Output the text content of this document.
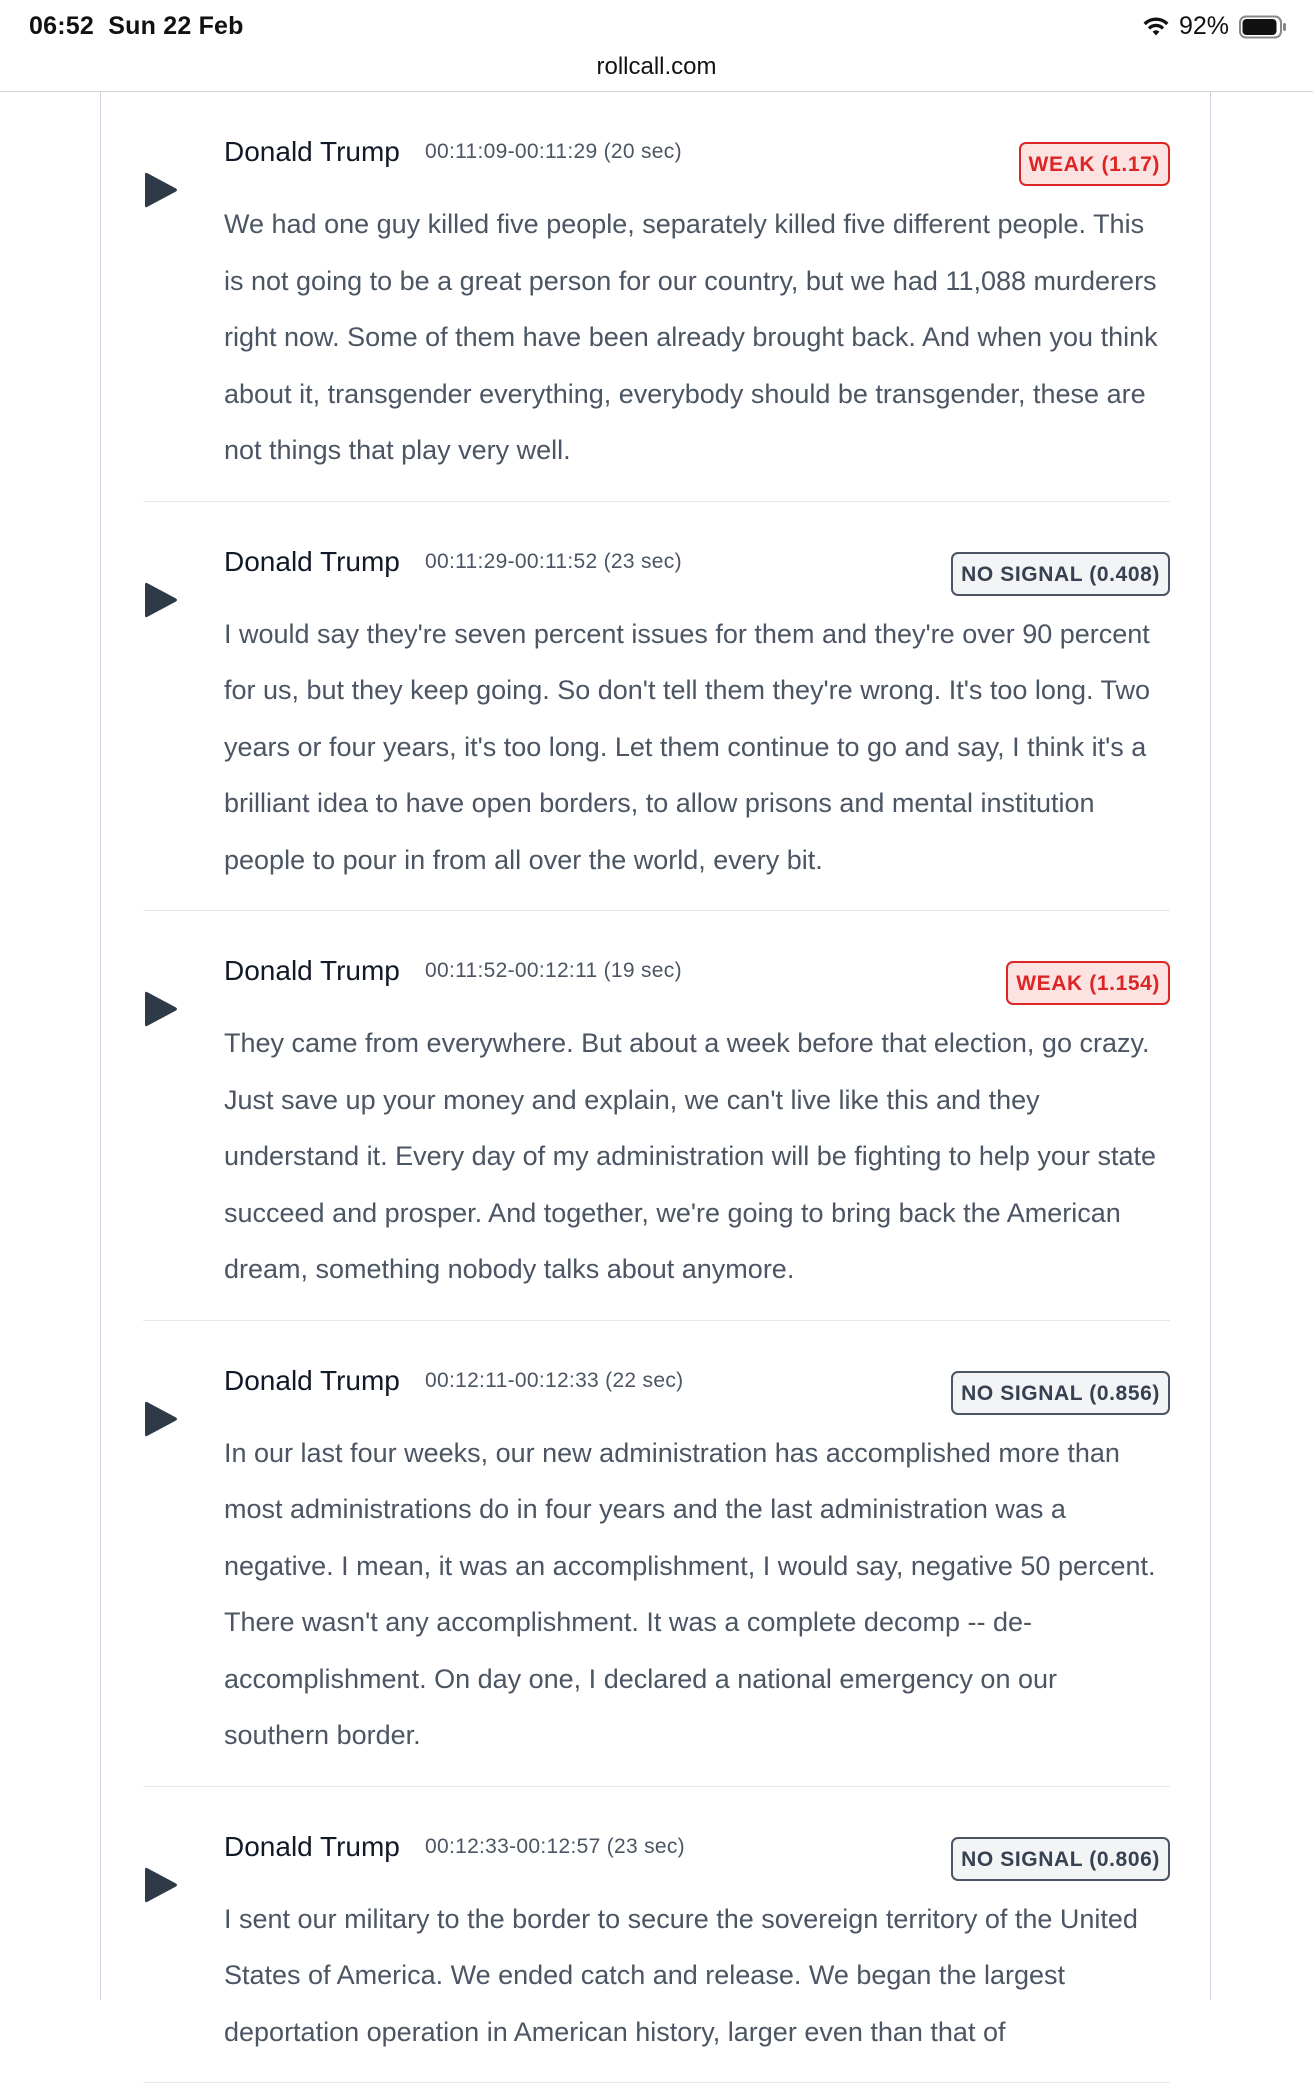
06:52 Sun 22 Feb	92%
rollcall.com
Donald Trump 00:11:09-00:11:29 (20 sec)
WEAK (1.17)
We had one guy killed five people, separately killed five different people. This is not going to be a great person for our country, but we had 11,088 murderers right now. Some of them have been already brought back. And when you think about it, transgender everything, everybody should be transgender, these are not things that play very well.
Donald Trump 00:11:29-00:11:52 (23 sec)
NO SIGNAL (0.408)
I would say they're seven percent issues for them and they're over 90 percent for us, but they keep going. So don't tell them they're wrong. It's too long. Two years or four years, it's too long. Let them continue to go and say, I think it's a brilliant idea to have open borders, to allow prisons and mental institution people to pour in from all over the world, every bit.
Donald Trump 00:11:52-00:12:11 (19 sec)
WEAK (1.154)
They came from everywhere. But about a week before that election, go crazy. Just save up your money and explain, we can't live like this and they understand it. Every day of my administration will be fighting to help your state succeed and prosper. And together, we're going to bring back the American dream, something nobody talks about anymore.
Donald Trump 00:12:11-00:12:33 (22 sec)
NO SIGNAL (0.856)
In our last four weeks, our new administration has accomplished more than most administrations do in four years and the last administration was a negative. I mean, it was an accomplishment, I would say, negative 50 percent. There wasn't any accomplishment. It was a complete decomp -- de-accomplishment. On day one, I declared a national emergency on our southern border.
Donald Trump 00:12:33-00:12:57 (23 sec)
NO SIGNAL (0.806)
I sent our military to the border to secure the sovereign territory of the United States of America. We ended catch and release. We began the largest deportation operation in American history, larger even than that of
